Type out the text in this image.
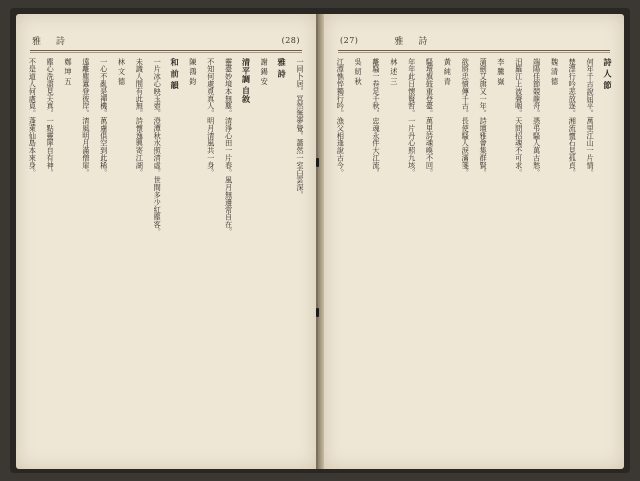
雅 詩	(28)
一同卜居。冥然無夢覺。蕭然一室白雲深。
雅 詩
謝 錫 安
清平調 自敘
靈臺妙境本無塵。清淨心田一片春。風月無邊常自在。
不知何處覓真人。明月清風共一身。
陳 鴻 鈞
和 前 韻
一片冰心映玉壺。澄潭秋水照清虛。世間多少紅塵客。
未識人間有此無。詩懷逸興寄江湖。
林 文 德
一心不亂是禪機。萬慮俱空到此稀。
遠離塵囂登彼岸。清風明月滿僧扉。
鄭 坤 五
塵心洗盡見天真。一點靈犀自有神。
不是道人何處覓。蓬萊仙島本來身。
(27)	雅 詩
詩 人 節
何年千古說屈平。萬里江山一片情。
楚澤行吟悲放逐。湘流懷石見孤貞。
魏 清 德
端陽佳節競龍舟。憑弔騷人萬古愁。
汨羅江上波聲咽。天問招魂不可求。
李 騰 嶽
蒲劍艾旗又一年。詩壇雅會集群賢。
欲將忠憤傳千古。長使騷人淚滿箋。
黃 純 青
騷壇旗鼓重登臺。萬里詩魂喚不回。
年年此日懷賢哲。一片丹心照九垓。
林 述 三
離騷一卷足千秋。忠魂永伴大江流。
吳 紉 秋
江潭憔悴獨行吟。漁父相逢說古今。
